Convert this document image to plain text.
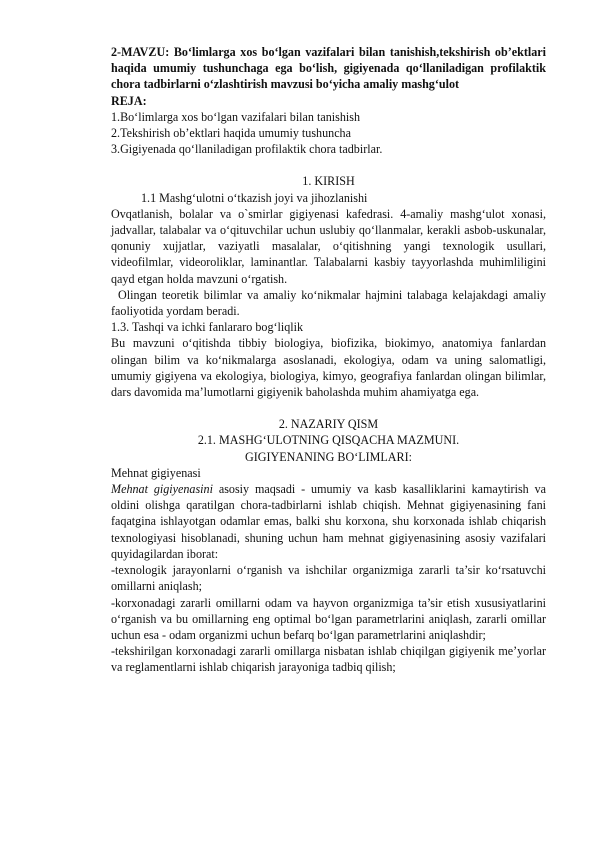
2-MAVZU: Bo‘limlarga xos bo‘lgan vazifalari bilan tanishish,tekshirish ob’ektlari haqida umumiy tushunchaga ega bo‘lish, gigiyenada qo‘llaniladigan profilaktik chora tadbirlarni o‘zlashtirish mavzusi bo‘yicha amaliy mashg‘ulot

REJA:

1.Bo‘limlarga xos bo‘lgan vazifalari bilan tanishish

2.Tekshirish ob’ektlari haqida umumiy tushuncha

3.Gigiyenada qo‘llaniladigan profilaktik chora tadbirlar.

1. KIRISH

1.1 Mashg‘ulotni o‘tkazish joyi va jihozlanishi

Ovqatlanish, bolalar va o`smirlar gigiyenasi kafedrasi. 4-amaliy mashg‘ulot xonasi, jadvallar, talabalar va o‘qituvchilar uchun uslubiy qo‘llanmalar, kerakli asbob-uskunalar, qonuniy xujjatlar, vaziyatli masalalar, o‘qitishning yangi texnologik usullari, videofilmlar, videoroliklar, laminantlar. Talabalarni kasbiy tayyorlashda muhimliligini qayd etgan holda mavzuni o‘rgatish.

Olingan teoretik bilimlar va amaliy ko‘nikmalar hajmini talabaga kelajakdagi amaliy faoliyotida yordam beradi.

1.3. Tashqi va ichki fanlararo bog‘liqlik

Bu mavzuni o‘qitishda tibbiy biologiya, biofizika, biokimyo, anatomiya fanlardan olingan bilim va ko‘nikmalarga asoslanadi, ekologiya, odam va uning salomatligi, umumiy gigiyena va ekologiya, biologiya, kimyo, geografiya fanlardan olingan bilimlar, dars davomida ma’lumotlarni gigiyenik baholashda muhim ahamiyatga ega.

2. NAZARIY QISM

2.1. MASHG‘ULOTNING QISQACHA MAZMUNI.

GIGIYENANING BO‘LIMLARI:

Mehnat gigiyenasi

Mehnat gigiyenasini asosiy maqsadi - umumiy va kasb kasalliklarini kamaytirish va oldini olishga qaratilgan chora-tadbirlarni ishlab chiqish. Mehnat gigiyenasining fani faqatgina ishlayotgan odamlar emas, balki shu korxona, shu korxonada ishlab chiqarish texnologiyasi hisoblanadi, shuning uchun ham mehnat gigiyenasining asosiy vazifalari quyidagilardan iborat:

-texnologik jarayonlarni o‘rganish va ishchilar organizmiga zararli ta’sir ko‘rsatuvchi omillarni aniqlash;

-korxonadagi zararli omillarni odam va hayvon organizmiga ta’sir etish xususiyatlarini o‘rganish va bu omillarning eng optimal bo‘lgan parametrlarini aniqlash, zararli omillar uchun esa - odam organizmi uchun befarq bo‘lgan parametrlarini aniqlashdir;

-tekshirilgan korxonadagi zararli omillarga nisbatan ishlab chiqilgan gigiyenik me’yorlar va reglamentlarni ishlab chiqarish jarayoniga tadbiq qilish;
